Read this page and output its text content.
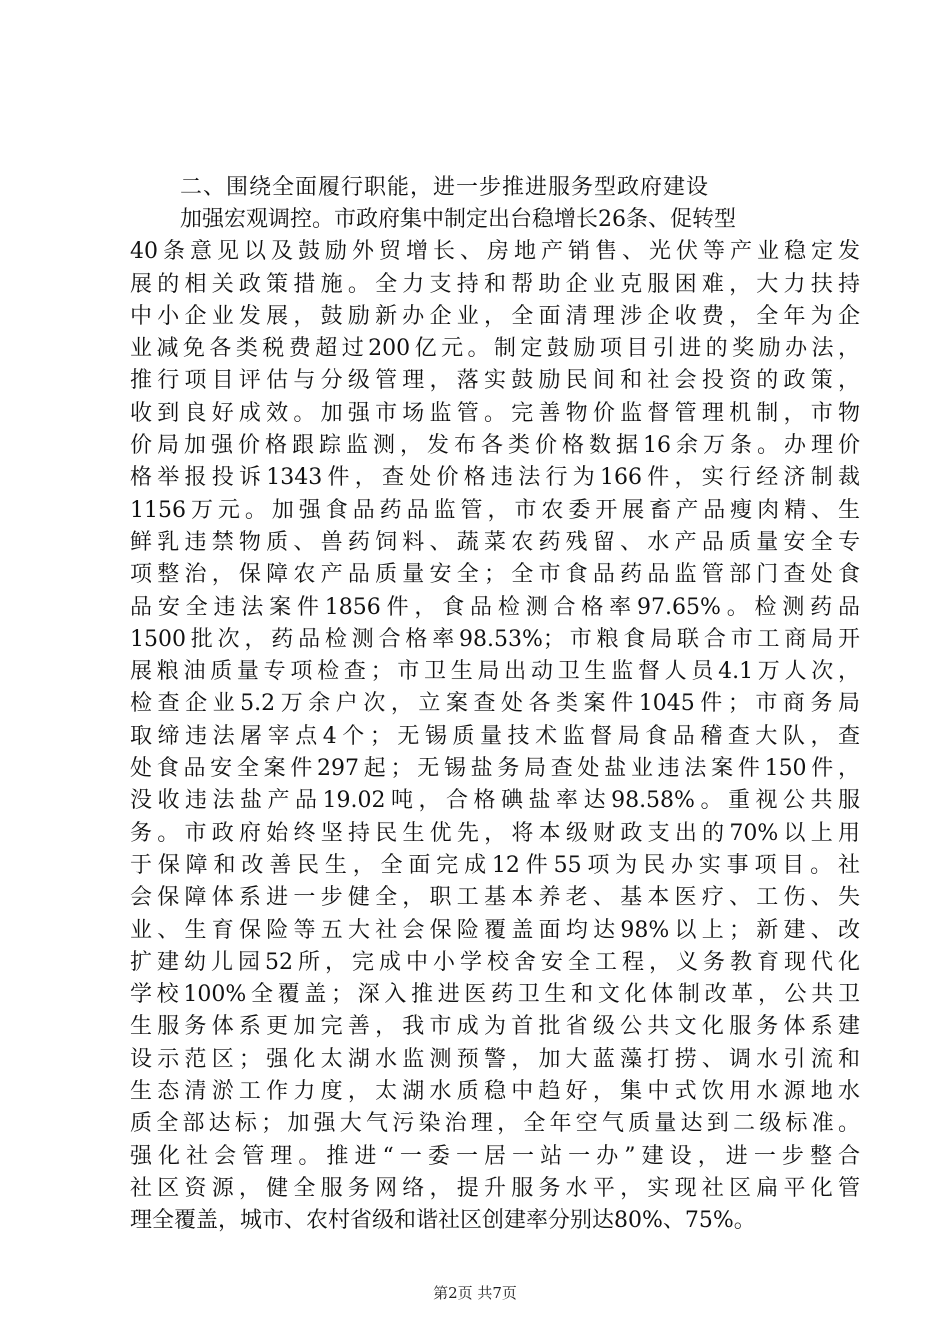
二、围绕全面履行职能，进一步推进服务型政府建设
加强宏观调控。市政府集中制定出台稳增长26条、促转型
40条意见以及鼓励外贸增长、房地产销售、光伏等产业稳定发
展的相关政策措施。全力支持和帮助企业克服困难，大力扶持
中小企业发展，鼓励新办企业，全面清理涉企收费，全年为企
业减免各类税费超过200亿元。制定鼓励项目引进的奖励办法，
推行项目评估与分级管理，落实鼓励民间和社会投资的政策，
收到良好成效。加强市场监管。完善物价监督管理机制，市物
价局加强价格跟踪监测，发布各类价格数据16余万条。办理价
格举报投诉1343件，查处价格违法行为166件，实行经济制裁
1156万元。加强食品药品监管，市农委开展畜产品瘦肉精、生
鲜乳违禁物质、兽药饲料、蔬菜农药残留、水产品质量安全专
项整治，保障农产品质量安全；全市食品药品监管部门查处食
品安全违法案件1856件，食品检测合格率97.65%。检测药品
1500批次，药品检测合格率98.53%；市粮食局联合市工商局开
展粮油质量专项检查；市卫生局出动卫生监督人员4.1万人次，
检查企业5.2万余户次，立案查处各类案件1045件；市商务局
取缔违法屠宰点4个；无锡质量技术监督局食品稽查大队，查
处食品安全案件297起；无锡盐务局查处盐业违法案件150件，
没收违法盐产品19.02吨，合格碘盐率达98.58%。重视公共服
务。市政府始终坚持民生优先，将本级财政支出的70%以上用
于保障和改善民生，全面完成12件55项为民办实事项目。社
会保障体系进一步健全，职工基本养老、基本医疗、工伤、失
业、生育保险等五大社会保险覆盖面均达98%以上；新建、改
扩建幼儿园52所，完成中小学校舍安全工程，义务教育现代化
学校100%全覆盖；深入推进医药卫生和文化体制改革，公共卫
生服务体系更加完善，我市成为首批省级公共文化服务体系建
设示范区；强化太湖水监测预警，加大蓝藻打捞、调水引流和
生态清淤工作力度，太湖水质稳中趋好，集中式饮用水源地水
质全部达标；加强大气污染治理，全年空气质量达到二级标准。
强化社会管理。推进“一委一居一站一办”建设，进一步整合
社区资源，健全服务网络，提升服务水平，实现社区扁平化管
理全覆盖，城市、农村省级和谐社区创建率分别达80%、75%。
第2页 共7页
